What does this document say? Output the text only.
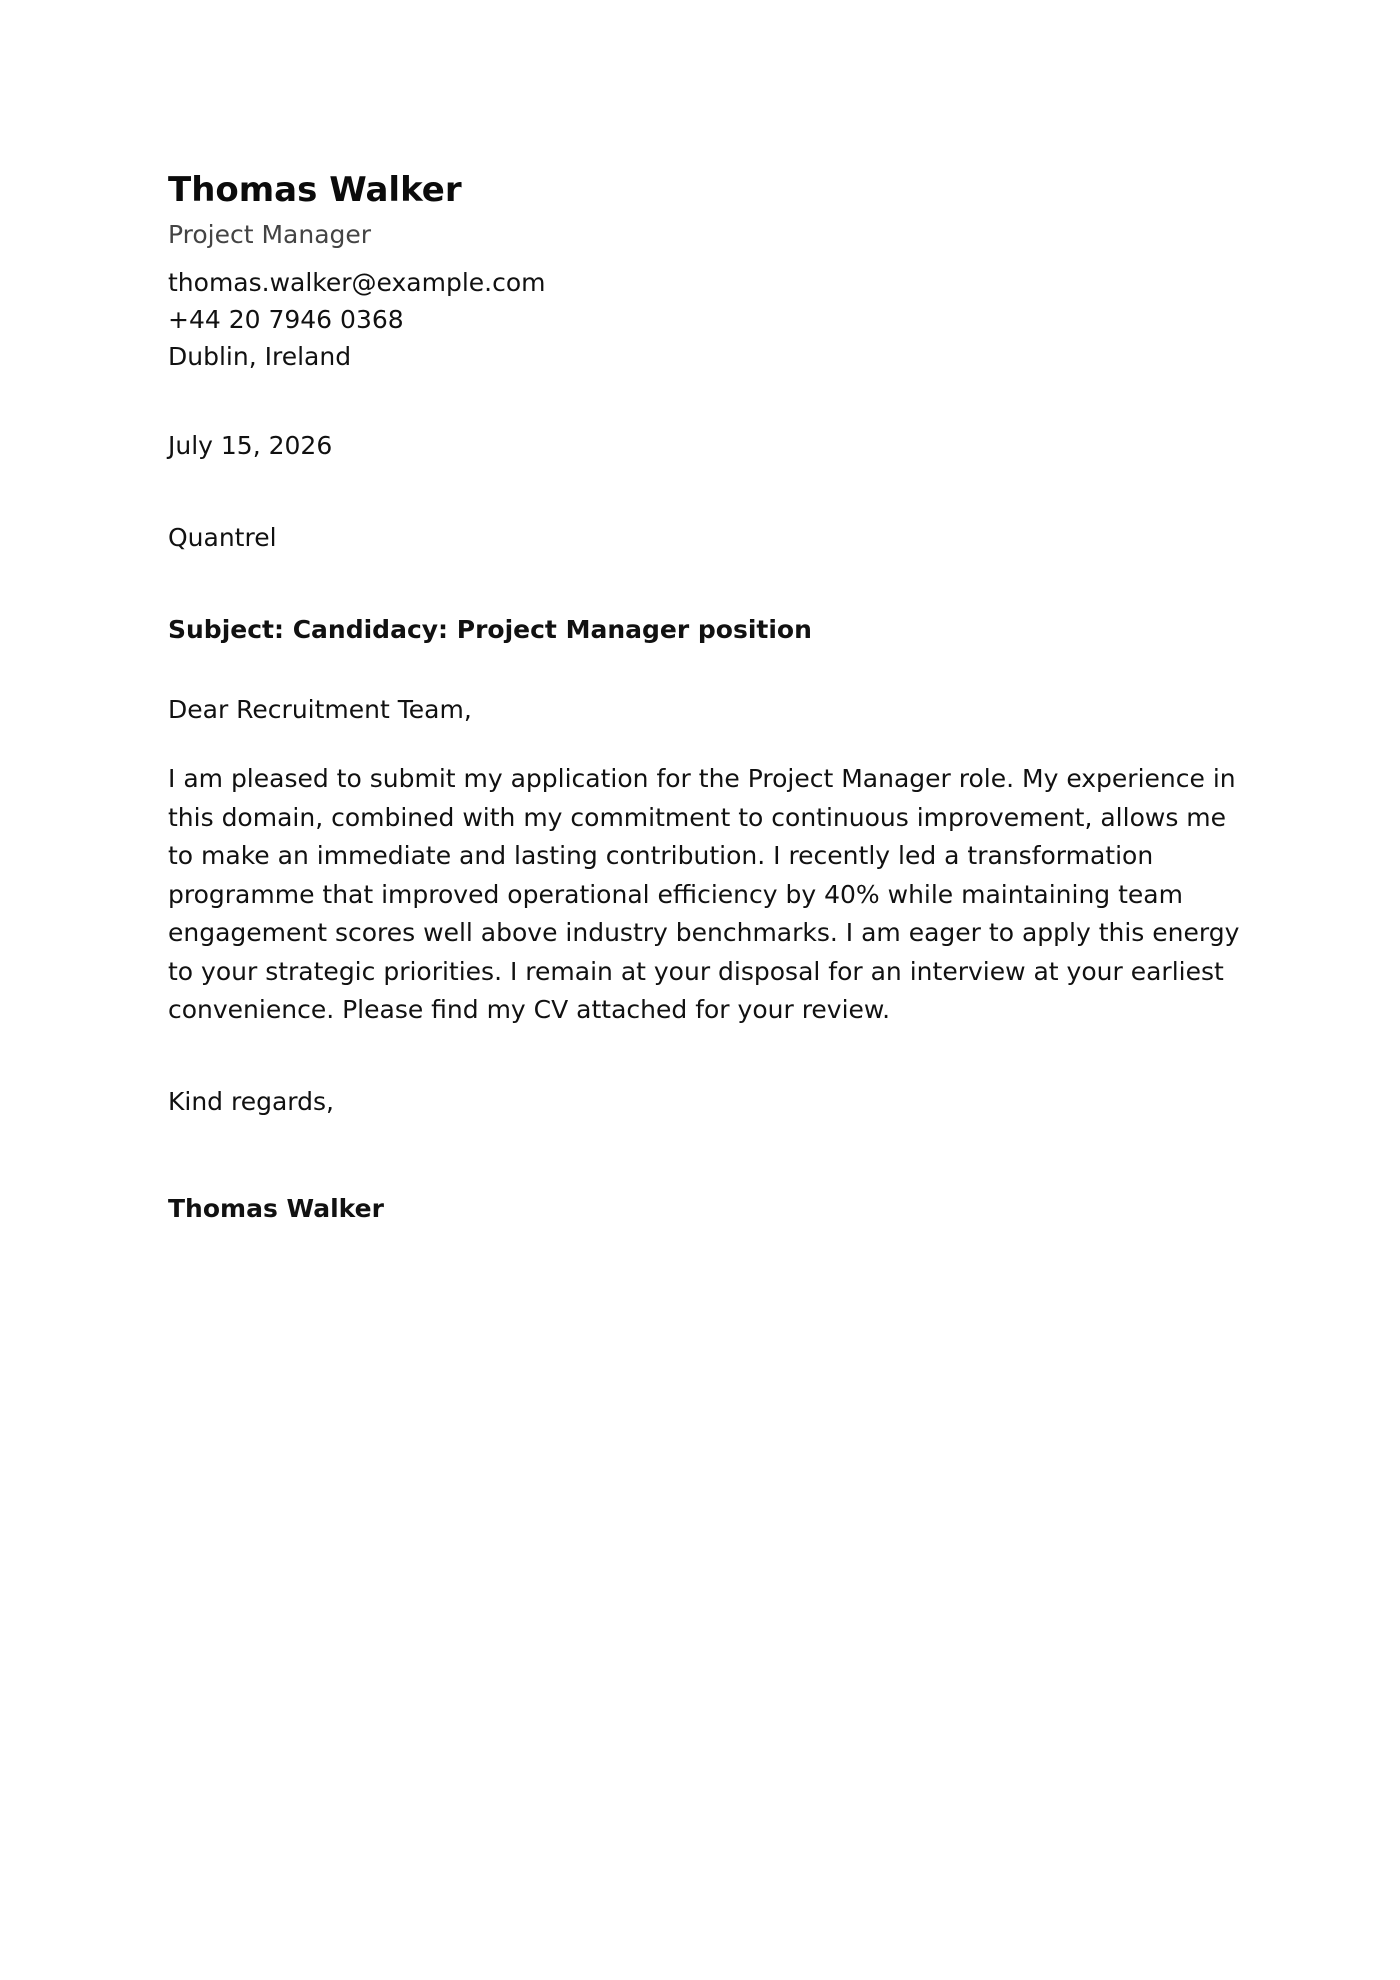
Thomas Walker
Project Manager
thomas.walker@example.com
+44 20 7946 0368
Dublin, Ireland
July 15, 2026
Quantrel
Subject: Candidacy: Project Manager position
Dear Recruitment Team,
I am pleased to submit my application for the Project Manager role. My experience in this domain, combined with my commitment to continuous improvement, allows me to make an immediate and lasting contribution. I recently led a transformation programme that improved operational efficiency by 40% while maintaining team engagement scores well above industry benchmarks. I am eager to apply this energy to your strategic priorities. I remain at your disposal for an interview at your earliest convenience. Please find my CV attached for your review.
Kind regards,
Thomas Walker
